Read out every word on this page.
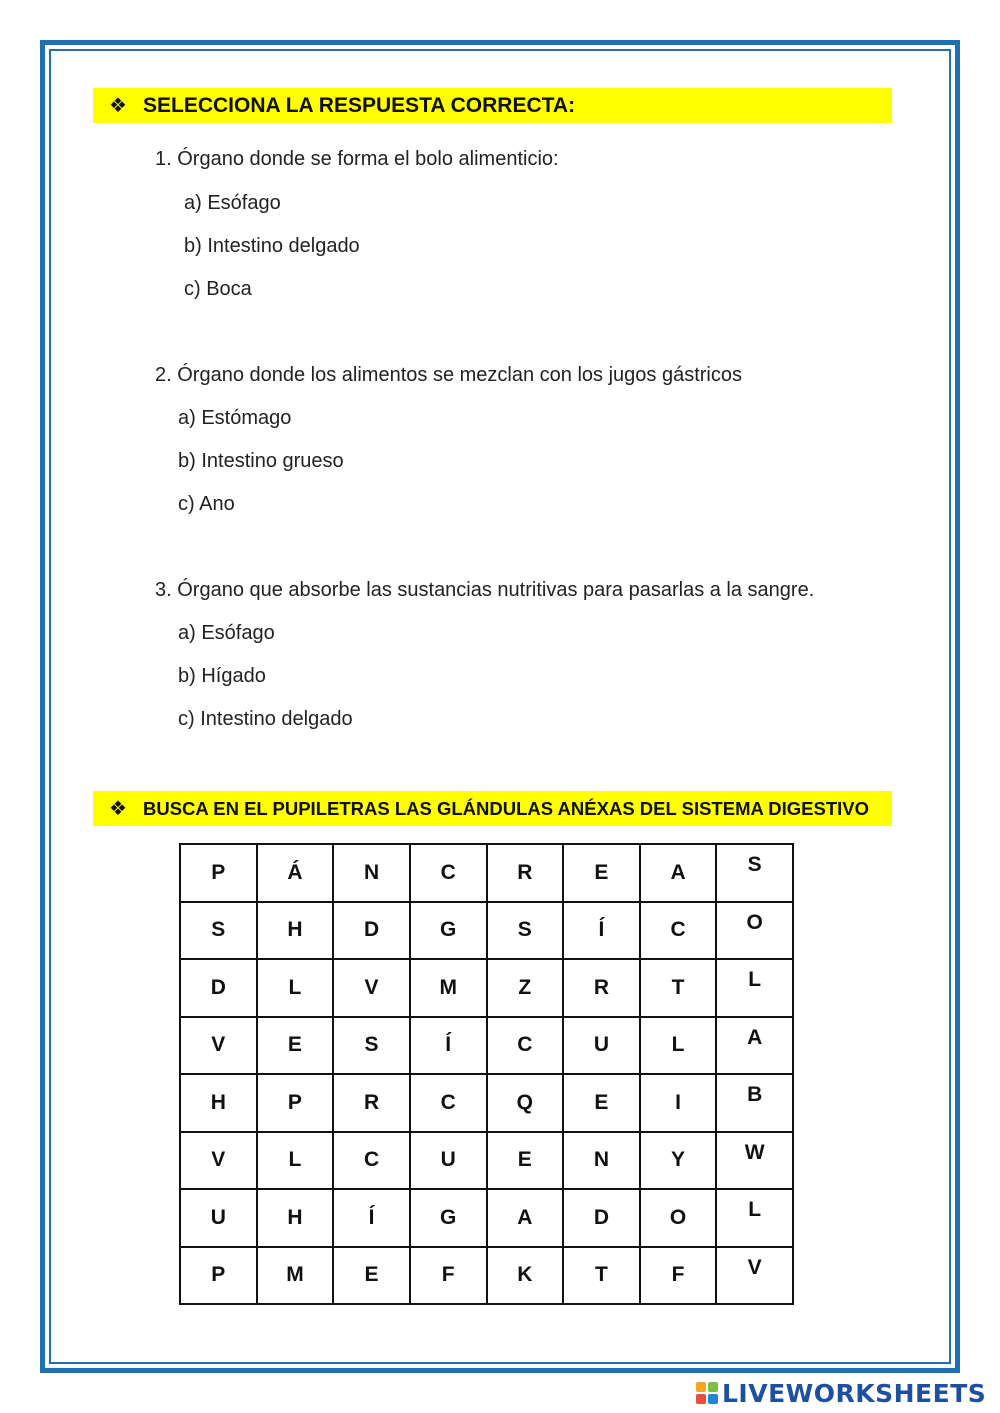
❖ SELECCIONA LA RESPUESTA CORRECTA:
1. Órgano donde se forma el bolo alimenticio:
a) Esófago
b) Intestino delgado
c) Boca
2. Órgano donde los alimentos se mezclan con los jugos gástricos
a) Estómago
b) Intestino grueso
c) Ano
3. Órgano que absorbe las sustancias nutritivas para pasarlas a la sangre.
a) Esófago
b) Hígado
c) Intestino delgado
❖ BUSCA EN EL PUPILETRAS LAS GLÁNDULAS ANÉXAS DEL SISTEMA DIGESTIVO
P	Á	N	C	R	E	A	S
S	H	D	G	S	Í	C	O
D	L	V	M	Z	R	T	L
V	E	S	Í	C	U	L	A
H	P	R	C	Q	E	I	B
V	L	C	U	E	N	Y	W
U	H	Í	G	A	D	O	L
P	M	E	F	K	T	F	V
LIVEWORKSHEETS
